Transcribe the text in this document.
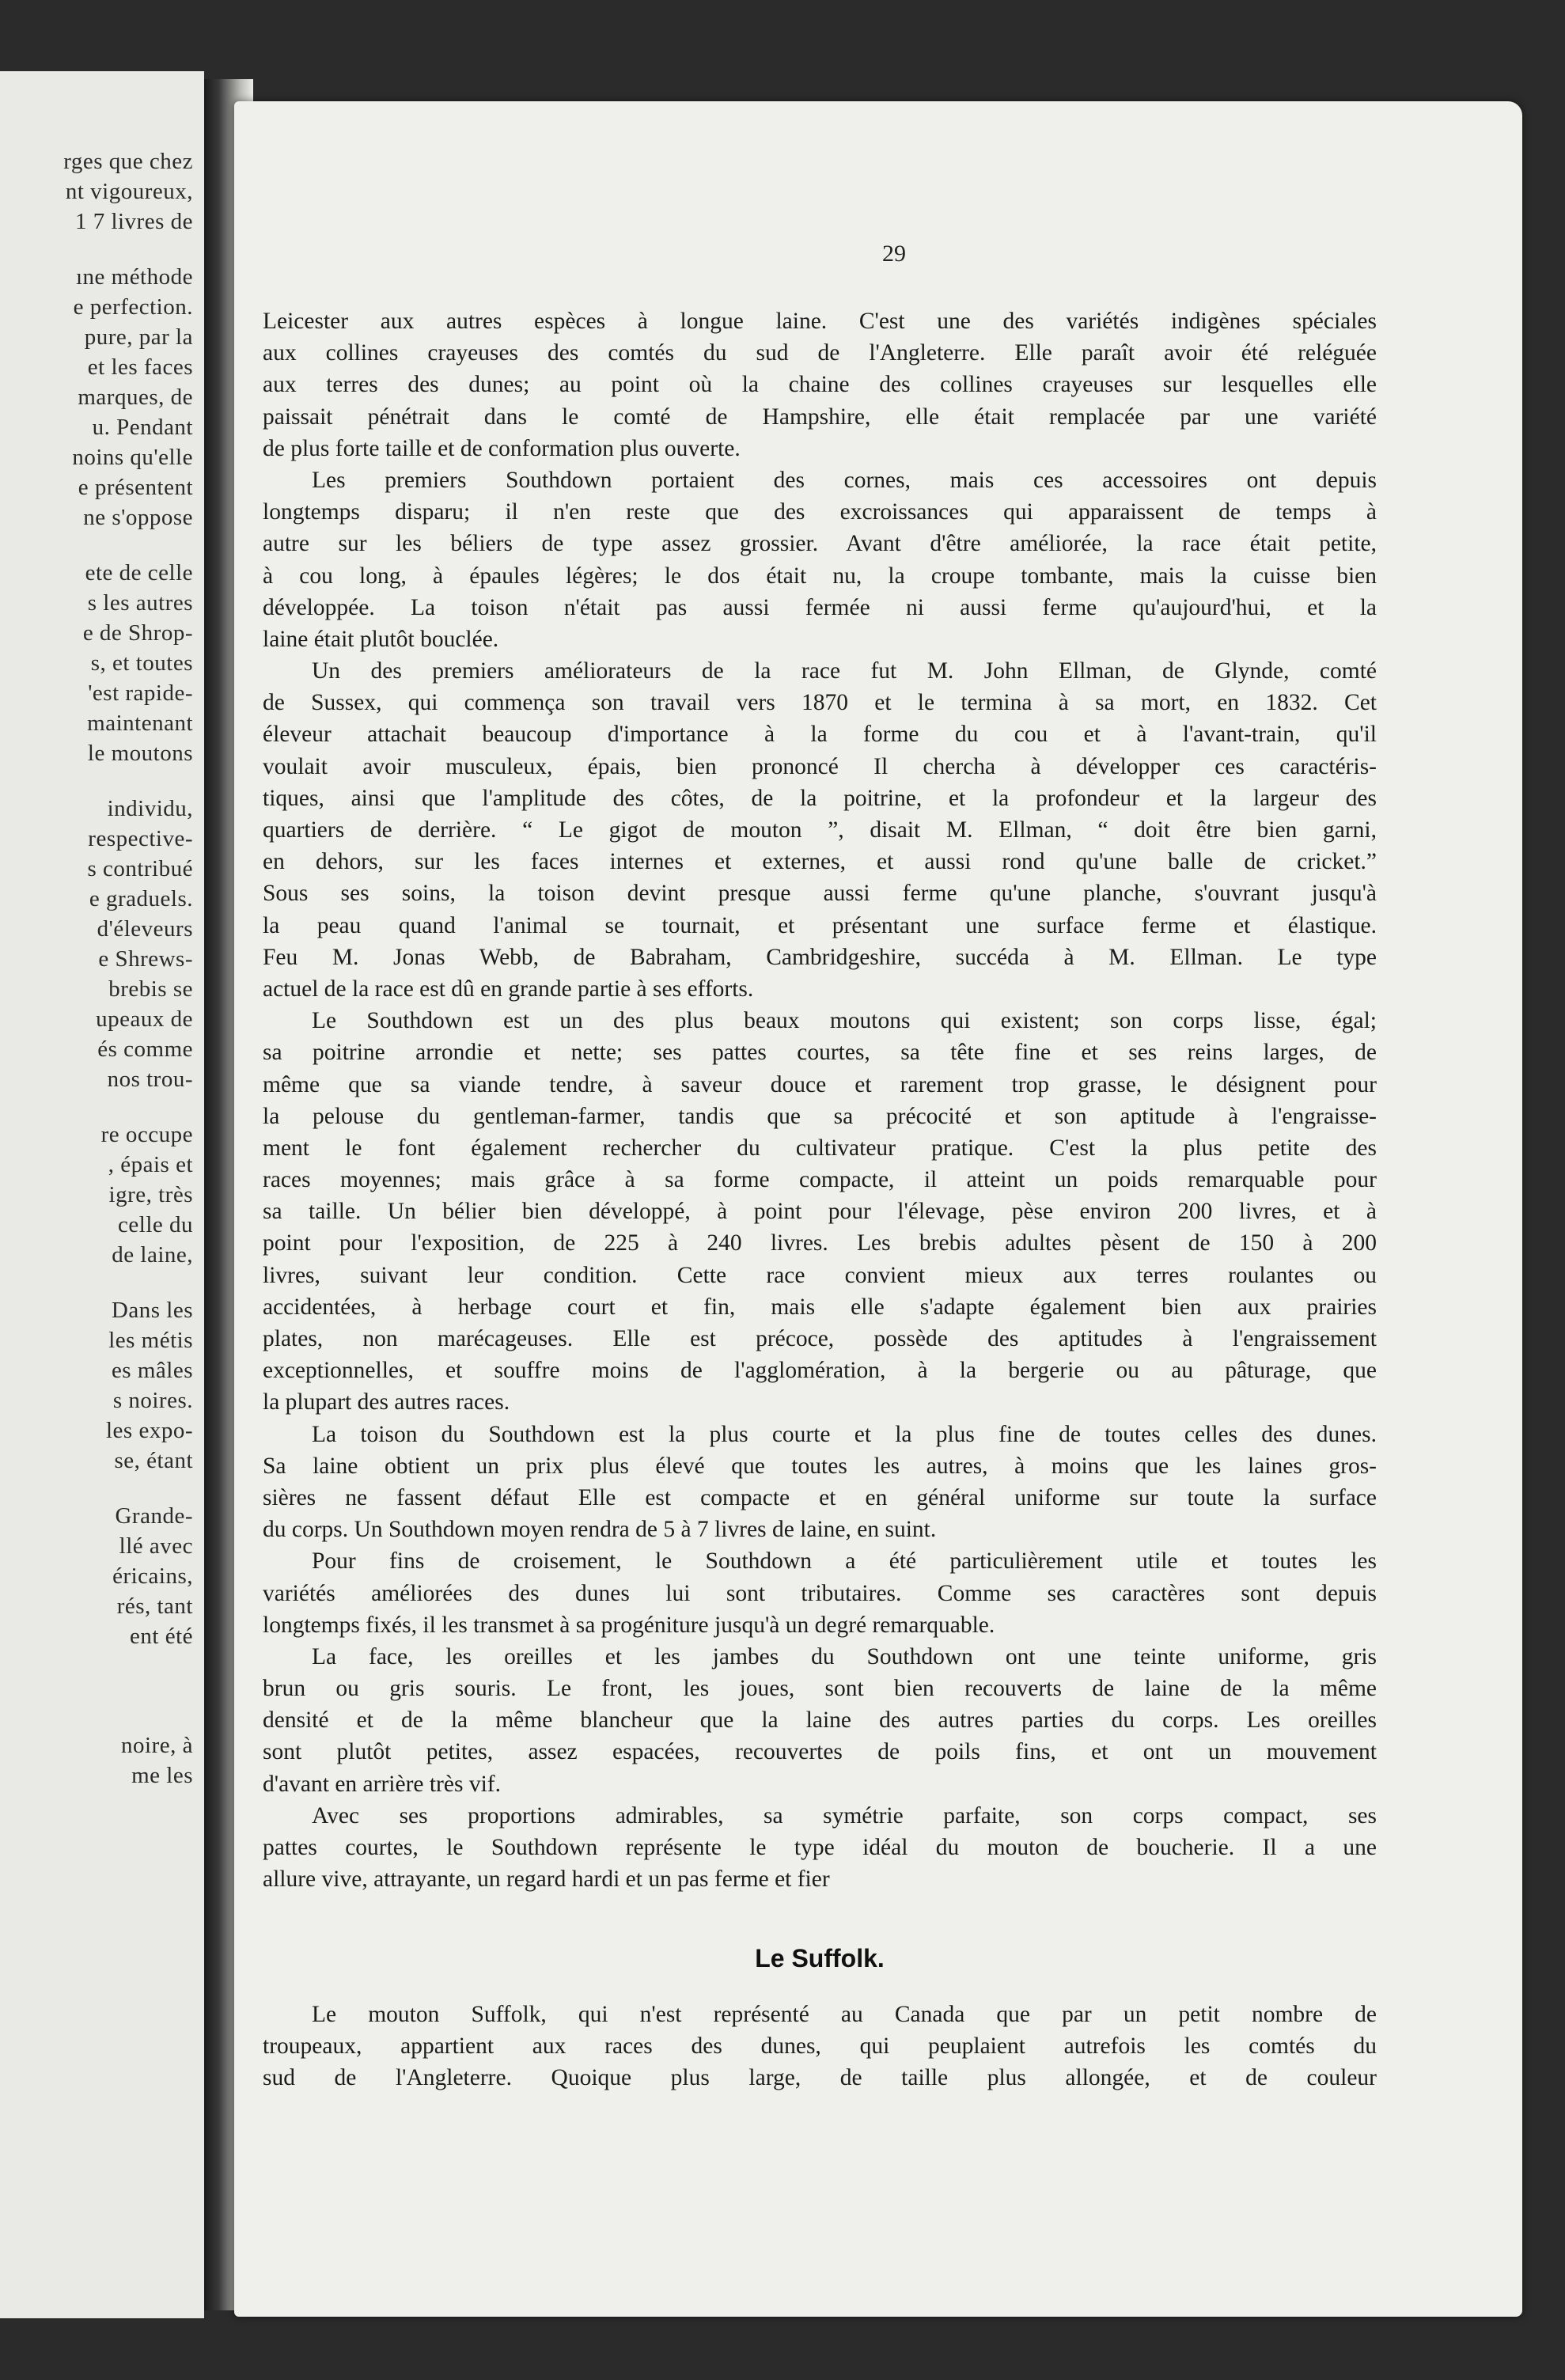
rges que chez
nt vigoureux,
1 7 livres de
ıne méthode
e perfection.
pure, par la
et les faces
marques, de
u. Pendant
noins qu'elle
e présentent
ne s'oppose
ete de celle
s les autres
e de Shrop-
s, et toutes
'est rapide-
maintenant
le moutons
individu,
respective-
s contribué
e graduels.
d'éleveurs
e Shrews-
brebis se
upeaux de
és comme
nos trou-
re occupe
, épais et
igre, très
celle du
de laine,
Dans les
les métis
es mâles
s noires.
les expo-
se, étant
Grande-
llé avec
éricains,
rés, tant
ent été
noire, à
me les
29
Leicester aux autres espèces à longue laine. C'est une des variétés indigènes spéciales
aux collines crayeuses des comtés du sud de l'Angleterre. Elle paraît avoir été reléguée
aux terres des dunes; au point où la chaine des collines crayeuses sur lesquelles elle
paissait pénétrait dans le comté de Hampshire, elle était remplacée par une variété
de plus forte taille et de conformation plus ouverte.
Les premiers Southdown portaient des cornes, mais ces accessoires ont depuis
longtemps disparu; il n'en reste que des excroissances qui apparaissent de temps à
autre sur les béliers de type assez grossier. Avant d'être améliorée, la race était petite,
à cou long, à épaules légères; le dos était nu, la croupe tombante, mais la cuisse bien
développée. La toison n'était pas aussi fermée ni aussi ferme qu'aujourd'hui, et la
laine était plutôt bouclée.
Un des premiers améliorateurs de la race fut M. John Ellman, de Glynde, comté
de Sussex, qui commença son travail vers 1870 et le termina à sa mort, en 1832. Cet
éleveur attachait beaucoup d'importance à la forme du cou et à l'avant-train, qu'il
voulait avoir musculeux, épais, bien prononcé Il chercha à développer ces caractéris-
tiques, ainsi que l'amplitude des côtes, de la poitrine, et la profondeur et la largeur des
quartiers de derrière. “ Le gigot de mouton ”, disait M. Ellman, “ doit être bien garni,
en dehors, sur les faces internes et externes, et aussi rond qu'une balle de cricket.”
Sous ses soins, la toison devint presque aussi ferme qu'une planche, s'ouvrant jusqu'à
la peau quand l'animal se tournait, et présentant une surface ferme et élastique.
Feu M. Jonas Webb, de Babraham, Cambridgeshire, succéda à M. Ellman. Le type
actuel de la race est dû en grande partie à ses efforts.
Le Southdown est un des plus beaux moutons qui existent; son corps lisse, égal;
sa poitrine arrondie et nette; ses pattes courtes, sa tête fine et ses reins larges, de
même que sa viande tendre, à saveur douce et rarement trop grasse, le désignent pour
la pelouse du gentleman-farmer, tandis que sa précocité et son aptitude à l'engraisse-
ment le font également rechercher du cultivateur pratique. C'est la plus petite des
races moyennes; mais grâce à sa forme compacte, il atteint un poids remarquable pour
sa taille. Un bélier bien développé, à point pour l'élevage, pèse environ 200 livres, et à
point pour l'exposition, de 225 à 240 livres. Les brebis adultes pèsent de 150 à 200
livres, suivant leur condition. Cette race convient mieux aux terres roulantes ou
accidentées, à herbage court et fin, mais elle s'adapte également bien aux prairies
plates, non marécageuses. Elle est précoce, possède des aptitudes à l'engraissement
exceptionnelles, et souffre moins de l'agglomération, à la bergerie ou au pâturage, que
la plupart des autres races.
La toison du Southdown est la plus courte et la plus fine de toutes celles des dunes.
Sa laine obtient un prix plus élevé que toutes les autres, à moins que les laines gros-
sières ne fassent défaut Elle est compacte et en général uniforme sur toute la surface
du corps. Un Southdown moyen rendra de 5 à 7 livres de laine, en suint.
Pour fins de croisement, le Southdown a été particulièrement utile et toutes les
variétés améliorées des dunes lui sont tributaires. Comme ses caractères sont depuis
longtemps fixés, il les transmet à sa progéniture jusqu'à un degré remarquable.
La face, les oreilles et les jambes du Southdown ont une teinte uniforme, gris
brun ou gris souris. Le front, les joues, sont bien recouverts de laine de la même
densité et de la même blancheur que la laine des autres parties du corps. Les oreilles
sont plutôt petites, assez espacées, recouvertes de poils fins, et ont un mouvement
d'avant en arrière très vif.
Avec ses proportions admirables, sa symétrie parfaite, son corps compact, ses
pattes courtes, le Southdown représente le type idéal du mouton de boucherie. Il a une
allure vive, attrayante, un regard hardi et un pas ferme et fier
Le Suffolk.
Le mouton Suffolk, qui n'est représenté au Canada que par un petit nombre de
troupeaux, appartient aux races des dunes, qui peuplaient autrefois les comtés du
sud de l'Angleterre. Quoique plus large, de taille plus allongée, et de couleur
